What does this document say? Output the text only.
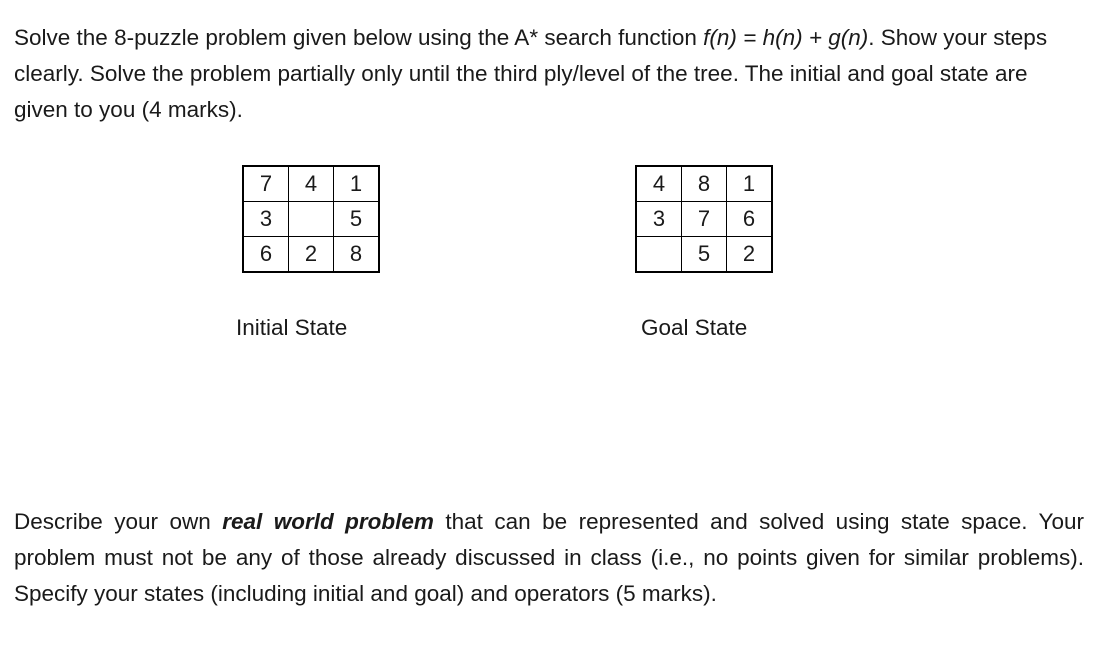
Solve the 8-puzzle problem given below using the A* search function f(n) = h(n) + g(n). Show your steps clearly. Solve the problem partially only until the third ply/level of the tree. The initial and goal state are given to you (4 marks).

7	4	1
3		5
6	2	8
4	8	1
3	7	6
	5	2
Initial State	Goal State

Describe your own real world problem that can be represented and solved using state space. Your problem must not be any of those already discussed in class (i.e., no points given for similar problems). Specify your states (including initial and goal) and operators (5 marks).
